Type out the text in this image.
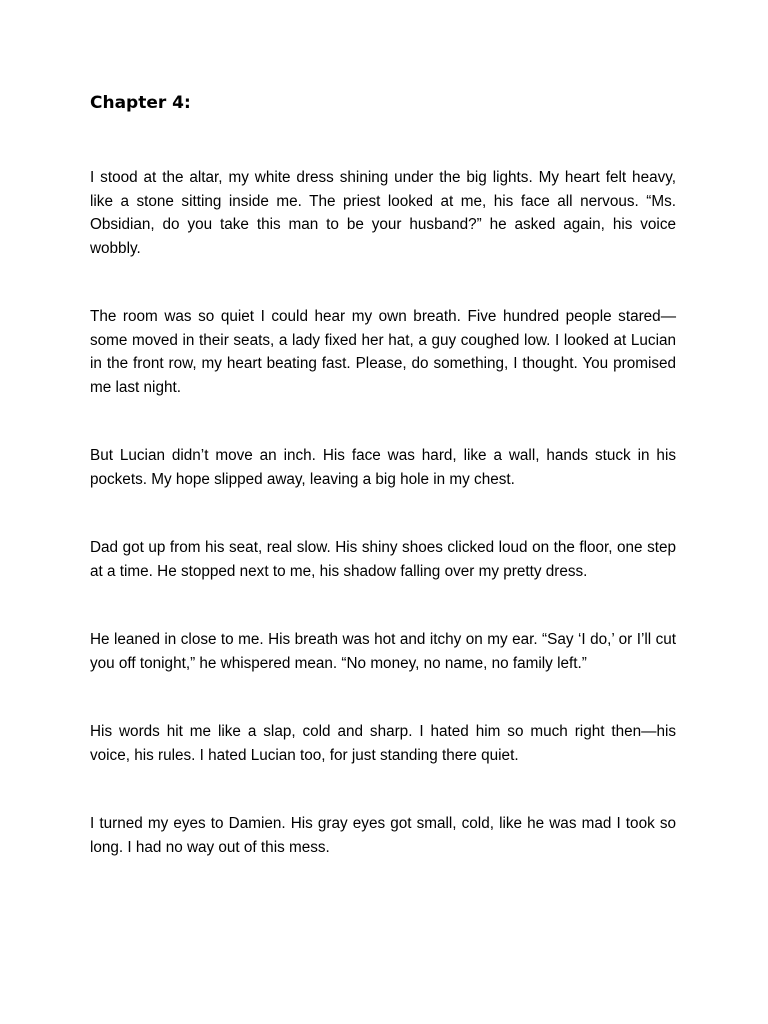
Chapter 4:

I stood at the altar, my white dress shining under the big lights. My heart felt heavy, like a stone sitting inside me. The priest looked at me, his face all nervous. “Ms. Obsidian, do you take this man to be your husband?” he asked again, his voice wobbly.

The room was so quiet I could hear my own breath. Five hundred people stared—some moved in their seats, a lady fixed her hat, a guy coughed low. I looked at Lucian in the front row, my heart beating fast. Please, do something, I thought. You promised me last night.

But Lucian didn’t move an inch. His face was hard, like a wall, hands stuck in his pockets. My hope slipped away, leaving a big hole in my chest.

Dad got up from his seat, real slow. His shiny shoes clicked loud on the floor, one step at a time. He stopped next to me, his shadow falling over my pretty dress.

He leaned in close to me. His breath was hot and itchy on my ear. “Say ‘I do,’ or I’ll cut you off tonight,” he whispered mean. “No money, no name, no family left.”

His words hit me like a slap, cold and sharp. I hated him so much right then—his voice, his rules. I hated Lucian too, for just standing there quiet.

I turned my eyes to Damien. His gray eyes got small, cold, like he was mad I took so long. I had no way out of this mess.
